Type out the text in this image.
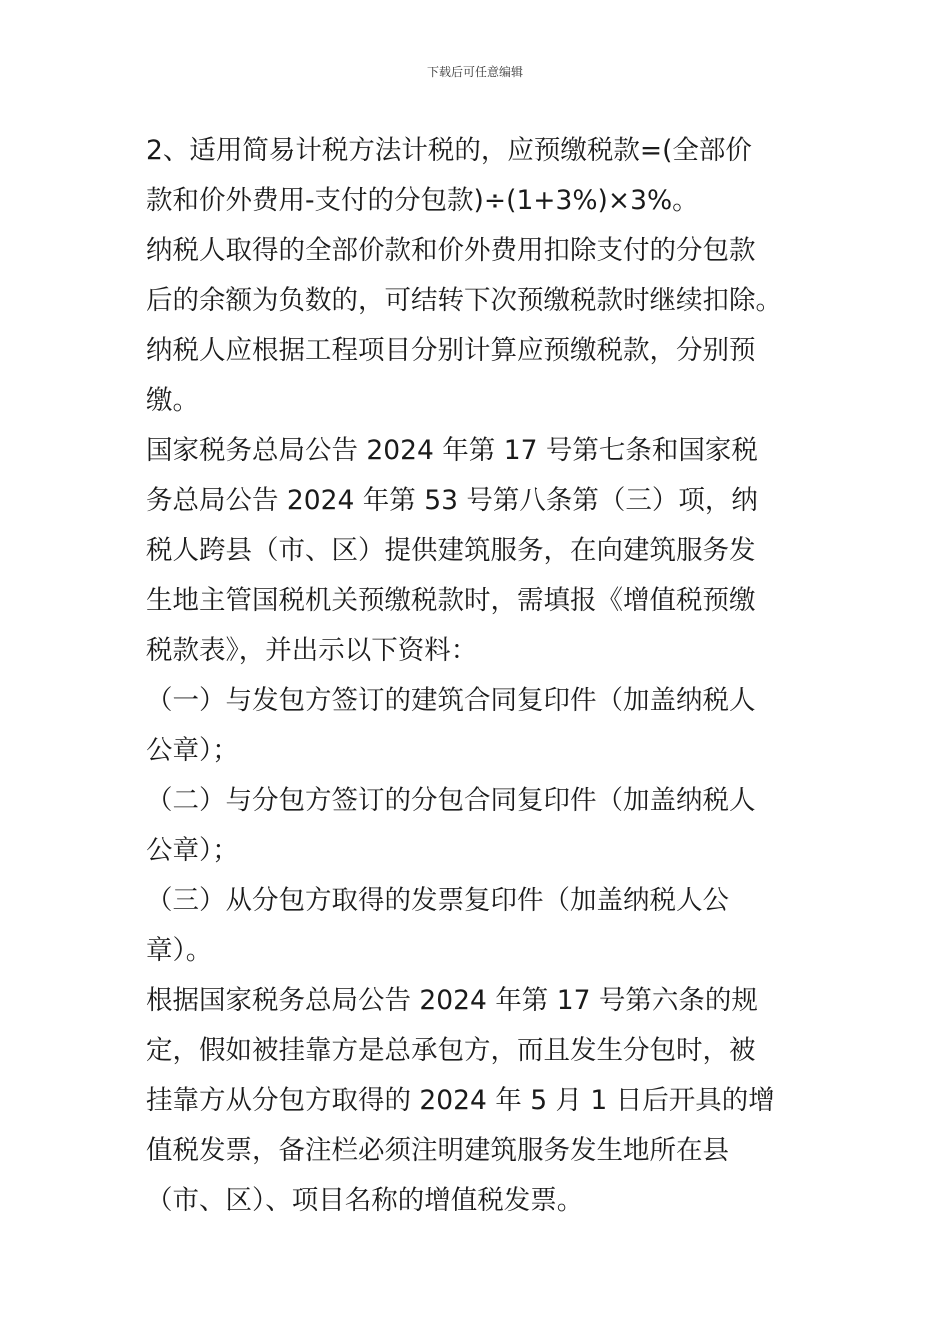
下载后可任意编辑
2、适用简易计税方法计税的，应预缴税款=(全部价
款和价外费用-支付的分包款)÷(1+3%)×3%。
纳税人取得的全部价款和价外费用扣除支付的分包款
后的余额为负数的，可结转下次预缴税款时继续扣除。
纳税人应根据工程项目分别计算应预缴税款，分别预
缴。
国家税务总局公告 2024 年第 17 号第七条和国家税
务总局公告 2024 年第 53 号第八条第（三）项，纳
税人跨县（市、区）提供建筑服务，在向建筑服务发
生地主管国税机关预缴税款时，需填报《增值税预缴
税款表》，并出示以下资料：
（一）与发包方签订的建筑合同复印件（加盖纳税人
公章）；
（二）与分包方签订的分包合同复印件（加盖纳税人
公章）；
（三）从分包方取得的发票复印件（加盖纳税人公
章）。
根据国家税务总局公告 2024 年第 17 号第六条的规
定，假如被挂靠方是总承包方，而且发生分包时，被
挂靠方从分包方取得的 2024 年 5 月 1 日后开具的增
值税发票，备注栏必须注明建筑服务发生地所在县
（市、区）、项目名称的增值税发票。
